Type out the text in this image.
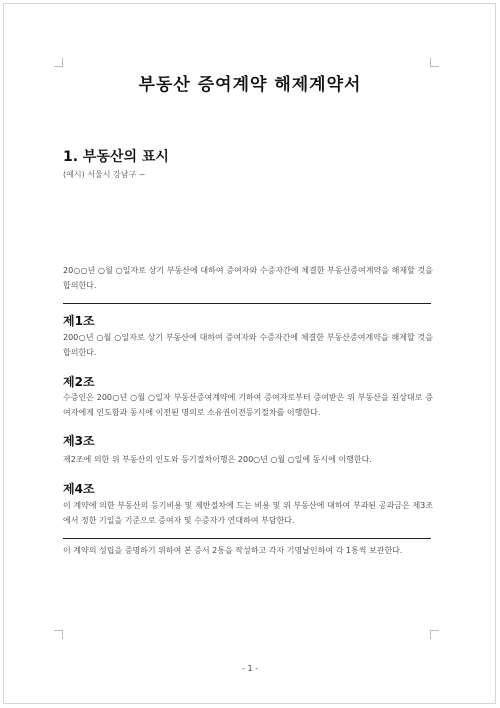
부동산 증여계약 해제계약서
1. 부동산의 표시
(예시) 서울시 강남구 ~
20○○년 ○월 ○일자로 상기 부동산에 대하여 증여자와 수증자간에 체결한 부동산증여계약을 해제할 것을 합의한다.
제1조
200○년 ○월 ○일자로 상기 부동산에 대하여 증여자와 수증자간에 체결한 부동산증여계약을 해제할 것을 합의한다.
제2조
수증인은 200○년 ○월 ○일자 부동산증여계약에 기하여 증여자로부터 증여받은 위 부동산을 원상대로 증여자에게 인도함과 동시에 이전된 명의로 소유권이전등기절차를 이행한다.
제3조
제2조에 의한 위 부동산의 인도와 등기절차이행은 200○년 ○월 ○일에 동시에 이행한다.
제4조
이 계약에 의한 부동산의 등기비용 및 제반절차에 드는 비용 및 위 부동산에 대하여 부과된 공과금은 제3조에서 정한 기일을 기준으로 증여자 및 수증자가 연대하여 부담한다.
이 계약의 성립을 증명하기 위하여 본 증서 2통을 작성하고 각자 기명날인하여 각 1통씩 보관한다.
- 1 -
